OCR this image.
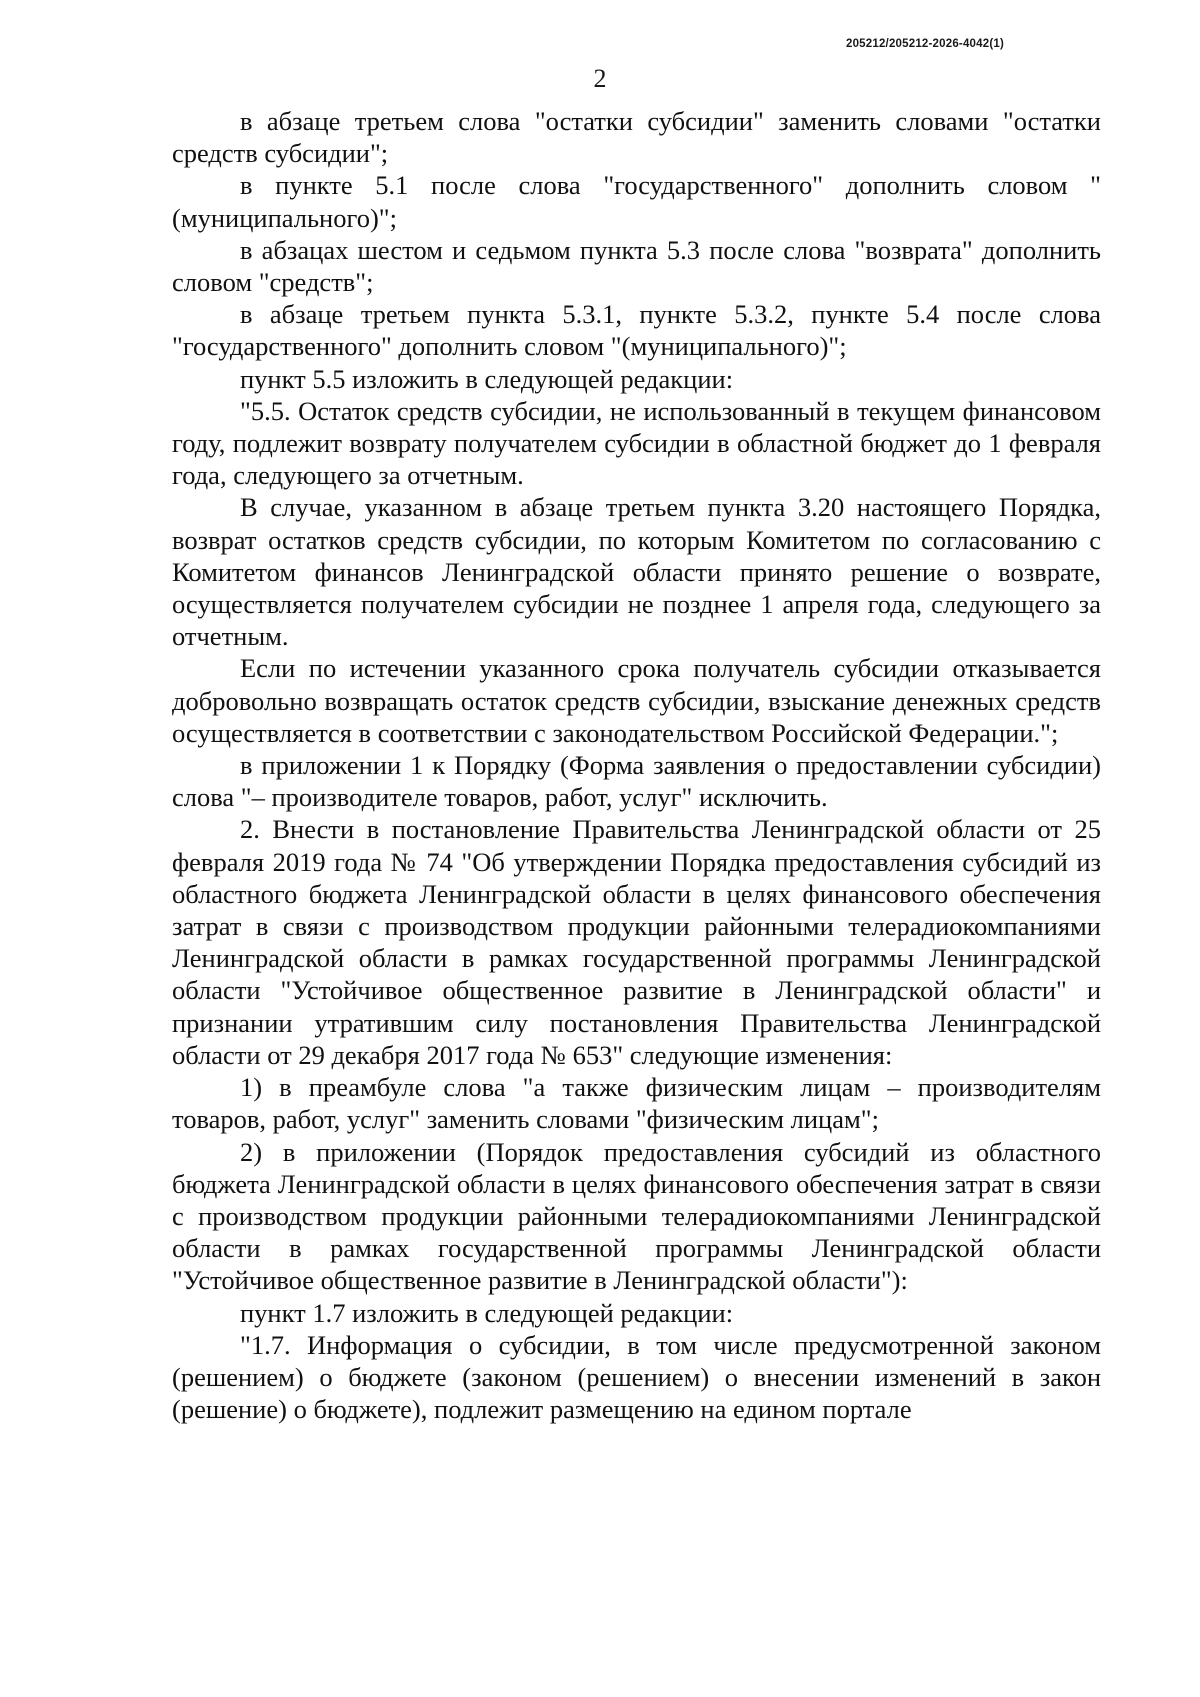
205212/205212-2026-4042(1)
2

в абзаце третьем слова "остатки субсидии" заменить словами "остатки средств субсидии";

в пункте 5.1 после слова "государственного" дополнить словом "(муниципального)";

в абзацах шестом и седьмом пункта 5.3 после слова "возврата" дополнить словом "средств";

в абзаце третьем пункта 5.3.1, пункте 5.3.2, пункте 5.4 после слова "государственного" дополнить словом "(муниципального)";

пункт 5.5 изложить в следующей редакции:

"5.5. Остаток средств субсидии, не использованный в текущем финансовом году, подлежит возврату получателем субсидии в областной бюджет до 1 февраля года, следующего за отчетным.

В случае, указанном в абзаце третьем пункта 3.20 настоящего Порядка, возврат остатков средств субсидии, по которым Комитетом по согласованию с Комитетом финансов Ленинградской области принято решение о возврате, осуществляется получателем субсидии не позднее 1 апреля года, следующего за отчетным.

Если по истечении указанного срока получатель субсидии отказывается добровольно возвращать остаток средств субсидии, взыскание денежных средств осуществляется в соответствии с законодательством Российской Федерации.";

в приложении 1 к Порядку (Форма заявления о предоставлении субсидии) слова "– производителе товаров, работ, услуг" исключить.

2. Внести в постановление Правительства Ленинградской области от 25 февраля 2019 года № 74 "Об утверждении Порядка предоставления субсидий из областного бюджета Ленинградской области в целях финансового обеспечения затрат в связи с производством продукции районными телерадиокомпаниями Ленинградской области в рамках государственной программы Ленинградской области "Устойчивое общественное развитие в Ленинградской области" и признании утратившим силу постановления Правительства Ленинградской области от 29 декабря 2017 года № 653" следующие изменения:

1) в преамбуле слова "а также физическим лицам – производителям товаров, работ, услуг" заменить словами "физическим лицам";

2) в приложении (Порядок предоставления субсидий из областного бюджета Ленинградской области в целях финансового обеспечения затрат в связи с производством продукции районными телерадиокомпаниями Ленинградской области в рамках государственной программы Ленинградской области "Устойчивое общественное развитие в Ленинградской области"):

пункт 1.7 изложить в следующей редакции:

"1.7. Информация о субсидии, в том числе предусмотренной законом (решением) о бюджете (законом (решением) о внесении изменений в закон (решение) о бюджете), подлежит размещению на едином портале
